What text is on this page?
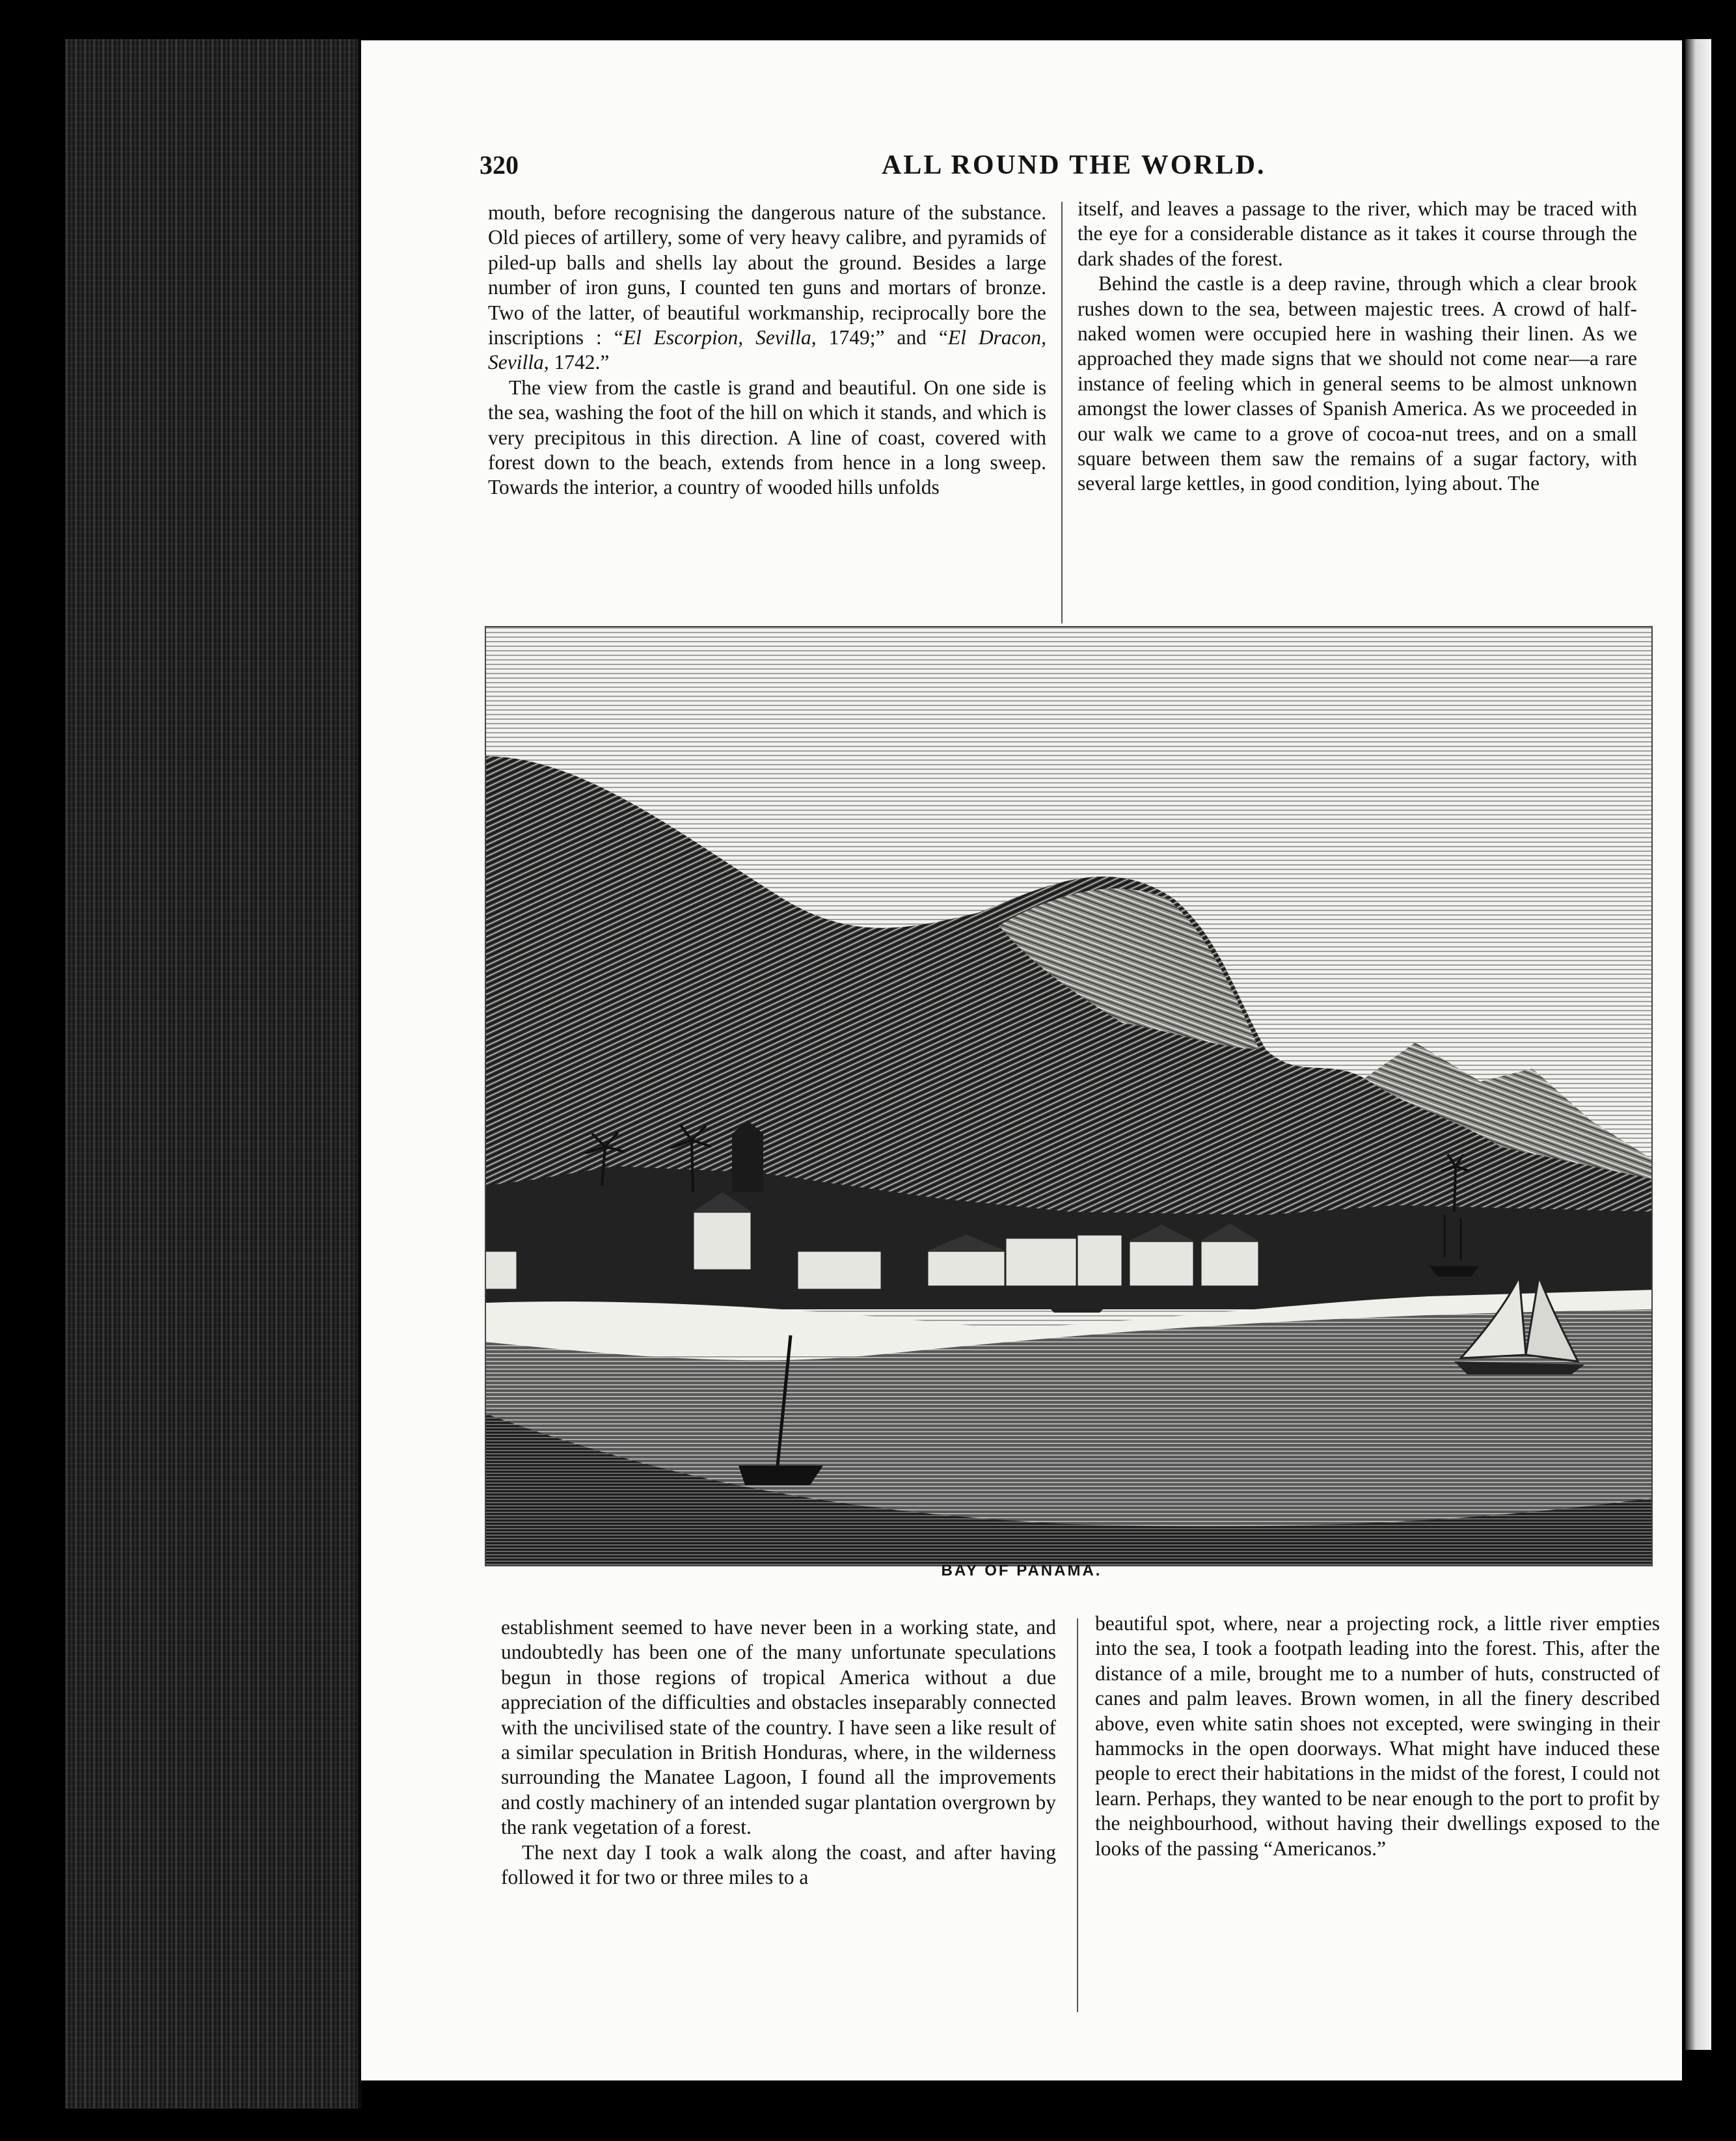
320	ALL ROUND THE WORLD.

mouth, before recognising the dangerous nature of the substance. Old pieces of artillery, some of very heavy calibre, and pyramids of piled-up balls and shells lay about the ground. Besides a large number of iron guns, I counted ten guns and mortars of bronze. Two of the latter, of beautiful workmanship, reciprocally bore the inscriptions : “El Escorpion, Sevilla, 1749;” and “El Dracon, Sevilla, 1742.”

The view from the castle is grand and beautiful. On one side is the sea, washing the foot of the hill on which it stands, and which is very precipitous in this direction. A line of coast, covered with forest down to the beach, extends from hence in a long sweep. Towards the interior, a country of wooded hills unfolds

itself, and leaves a passage to the river, which may be traced with the eye for a considerable distance as it takes it course through the dark shades of the forest.

Behind the castle is a deep ravine, through which a clear brook rushes down to the sea, between majestic trees. A crowd of half-naked women were occupied here in washing their linen. As we approached they made signs that we should not come near—a rare instance of feeling which in general seems to be almost unknown amongst the lower classes of Spanish America. As we proceeded in our walk we came to a grove of cocoa-nut trees, and on a small square between them saw the remains of a sugar factory, with several large kettles, in good condition, lying about. The

BAY OF PANAMA.

establishment seemed to have never been in a working state, and undoubtedly has been one of the many unfortunate speculations begun in those regions of tropical America without a due appreciation of the difficulties and obstacles inseparably connected with the uncivilised state of the country. I have seen a like result of a similar speculation in British Honduras, where, in the wilderness surrounding the Manatee Lagoon, I found all the improvements and costly machinery of an intended sugar plantation overgrown by the rank vegetation of a forest.

The next day I took a walk along the coast, and after having followed it for two or three miles to a

beautiful spot, where, near a projecting rock, a little river empties into the sea, I took a footpath leading into the forest. This, after the distance of a mile, brought me to a number of huts, constructed of canes and palm leaves. Brown women, in all the finery described above, even white satin shoes not excepted, were swinging in their hammocks in the open doorways. What might have induced these people to erect their habitations in the midst of the forest, I could not learn. Perhaps, they wanted to be near enough to the port to profit by the neighbourhood, without having their dwellings exposed to the looks of the passing “Americanos.”
